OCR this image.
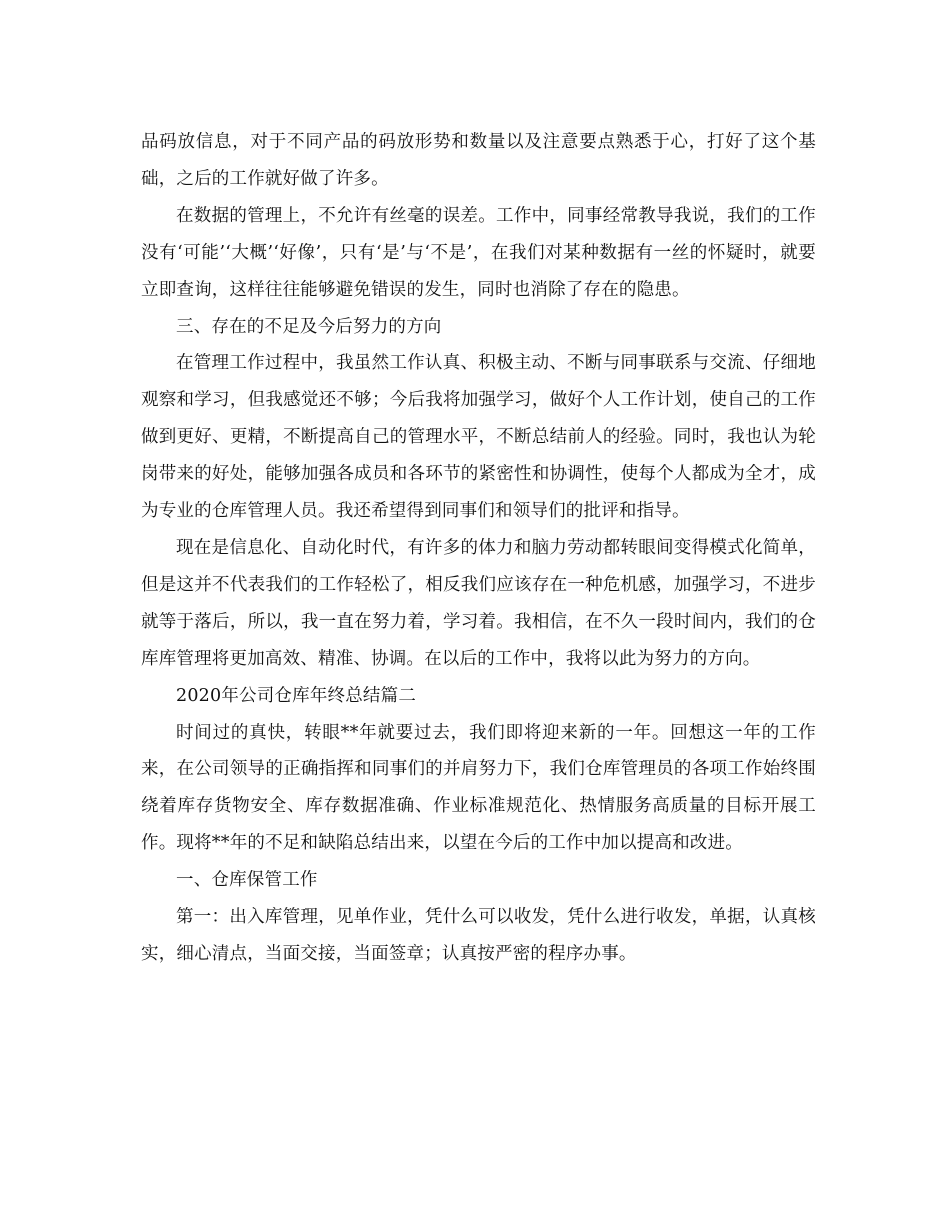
品码放信息，对于不同产品的码放形势和数量以及注意要点熟悉于心，打好了这个基础，之后的工作就好做了许多。

在数据的管理上，不允许有丝毫的误差。工作中，同事经常教导我说，我们的工作没有‘可能’‘大概’‘好像’，只有‘是’与‘不是’，在我们对某种数据有一丝的怀疑时，就要立即查询，这样往往能够避免错误的发生，同时也消除了存在的隐患。

三、存在的不足及今后努力的方向

在管理工作过程中，我虽然工作认真、积极主动、不断与同事联系与交流、仔细地观察和学习，但我感觉还不够；今后我将加强学习，做好个人工作计划，使自己的工作做到更好、更精，不断提高自己的管理水平，不断总结前人的经验。同时，我也认为轮岗带来的好处，能够加强各成员和各环节的紧密性和协调性，使每个人都成为全才，成为专业的仓库管理人员。我还希望得到同事们和领导们的批评和指导。

现在是信息化、自动化时代，有许多的体力和脑力劳动都转眼间变得模式化简单，但是这并不代表我们的工作轻松了，相反我们应该存在一种危机感，加强学习，不进步就等于落后，所以，我一直在努力着，学习着。我相信，在不久一段时间内，我们的仓库库管理将更加高效、精准、协调。在以后的工作中，我将以此为努力的方向。

2020年公司仓库年终总结篇二

时间过的真快，转眼**年就要过去，我们即将迎来新的一年。回想这一年的工作来，在公司领导的正确指挥和同事们的并肩努力下，我们仓库管理员的各项工作始终围绕着库存货物安全、库存数据准确、作业标准规范化、热情服务高质量的目标开展工作。现将**年的不足和缺陷总结出来，以望在今后的工作中加以提高和改进。

一、仓库保管工作

第一：出入库管理，见单作业，凭什么可以收发，凭什么进行收发，单据，认真核实，细心清点，当面交接，当面签章；认真按严密的程序办事。
